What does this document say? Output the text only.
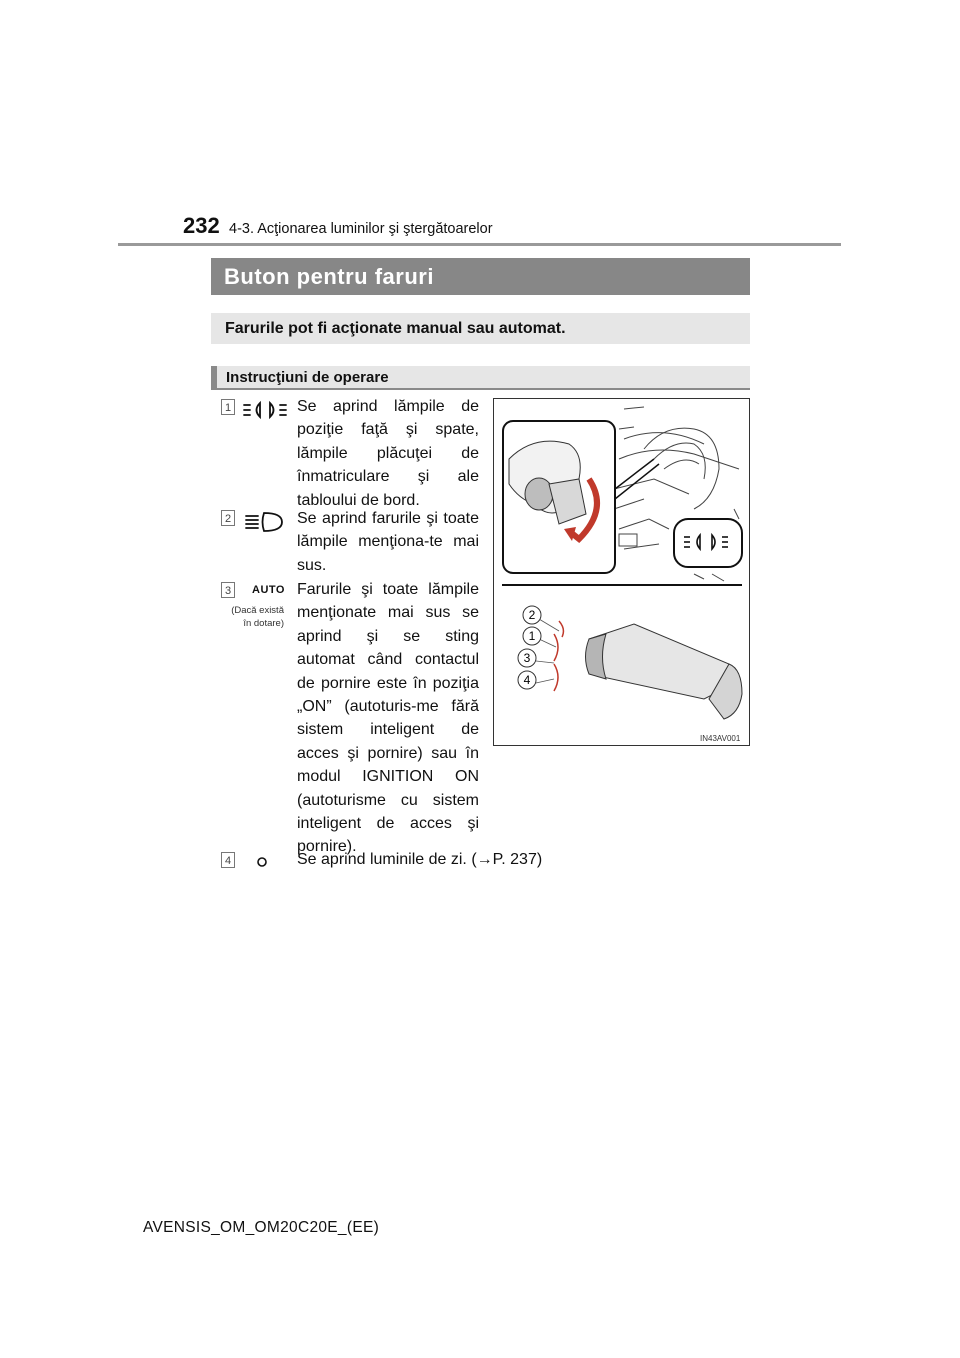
232 4-3. Acţionarea luminilor şi ştergătoarelor
Buton pentru faruri
Farurile pot fi acţionate manual sau automat.
Instrucţiuni de operare
1	Se aprind lămpile de poziţie faţă şi spate, lămpile plăcuţei de înmatriculare şi ale tabloului de bord.
2	Se aprind farurile şi toate lămpile menţiona-te mai sus.
3	AUTO
(Dacă există în dotare)
Farurile şi toate lămpile menţionate mai sus se aprind şi se sting automat când contactul de pornire este în poziţia „ON” (autoturis-me fără sistem inteligent de acces şi pornire) sau în modul IGNITION ON (autoturisme cu sistem inteligent de acces şi pornire).
4	Se aprind luminile de zi. (→P. 237)
2
1
3
4
IN43AV001
AVENSIS_OM_OM20C20E_(EE)
